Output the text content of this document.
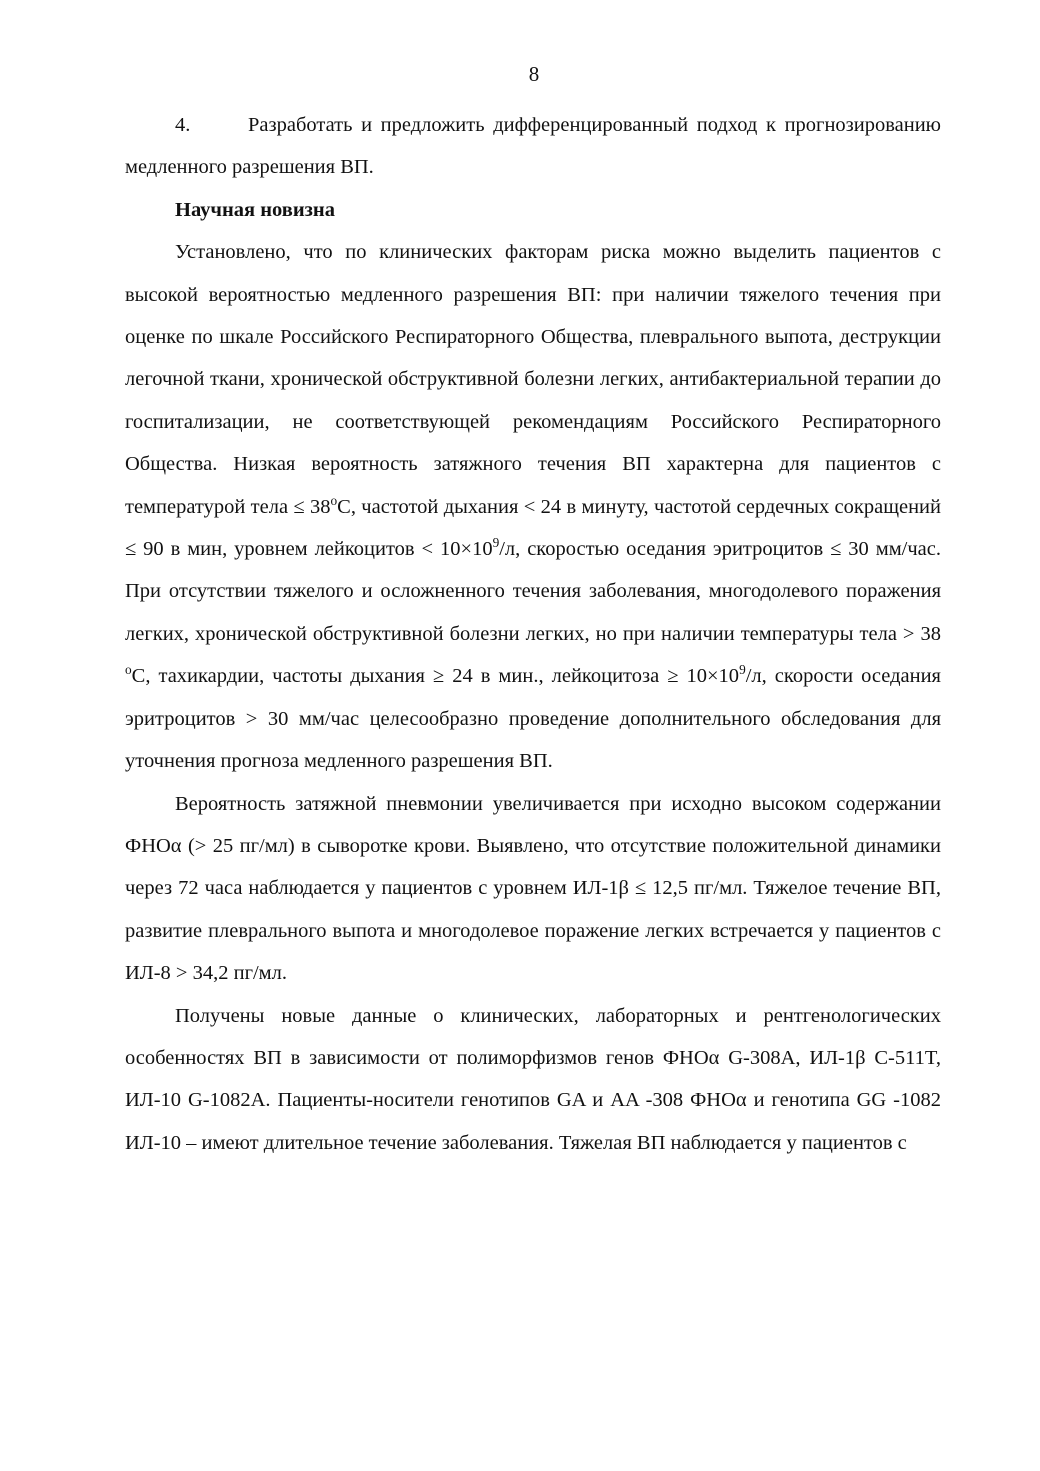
8

4.	Разработать и предложить дифференцированный подход к прогнозированию медленного разрешения ВП.

Научная новизна

Установлено, что по клинических факторам риска можно выделить пациентов с высокой вероятностью медленного разрешения ВП: при наличии тяжелого течения при оценке по шкале Российского Респираторного Общества, плеврального выпота, деструкции легочной ткани, хронической обструктивной болезни легких, антибактериальной терапии до госпитализации, не соответствующей рекомендациям Российского Респираторного Общества. Низкая вероятность затяжного течения ВП характерна для пациентов с температурой тела ≤ $38^оС$, частотой дыхания < 24 в минуту, частотой сердечных сокращений ≤ 90 в мин, уровнем лейкоцитов < $10\times 10^9/л$, скоростью оседания эритроцитов ≤ 30 мм/час. При отсутствии тяжелого и осложненного течения заболевания, многодолевого поражения легких, хронической обструктивной болезни легких, но при наличии температуры тела > 38 $^о$С, тахикардии, частоты дыхания ≥ 24 в мин., лейкоцитоза ≥ $10\times 10^9/л$, скорости оседания эритроцитов > 30 мм/час целесообразно проведение дополнительного обследования для уточнения прогноза медленного разрешения ВП.

Вероятность затяжной пневмонии увеличивается при исходно высоком содержании ФНОα (> 25 пг/мл) в сыворотке крови. Выявлено, что отсутствие положительной динамики через 72 часа наблюдается у пациентов с уровнем ИЛ-1β ≤ 12,5 пг/мл. Тяжелое течение ВП, развитие плеврального выпота и многодолевое поражение легких встречается у пациентов с ИЛ-8 > 34,2 пг/мл.

Получены новые данные о клинических, лабораторных и рентгенологических особенностях ВП в зависимости от полиморфизмов генов ФНОα G-308A, ИЛ-1β C-511T, ИЛ-10 G-1082A. Пациенты-носители генотипов GA и AA -308 ФНОα и генотипа GG -1082 ИЛ-10 – имеют длительное течение заболевания. Тяжелая ВП наблюдается у пациентов с
